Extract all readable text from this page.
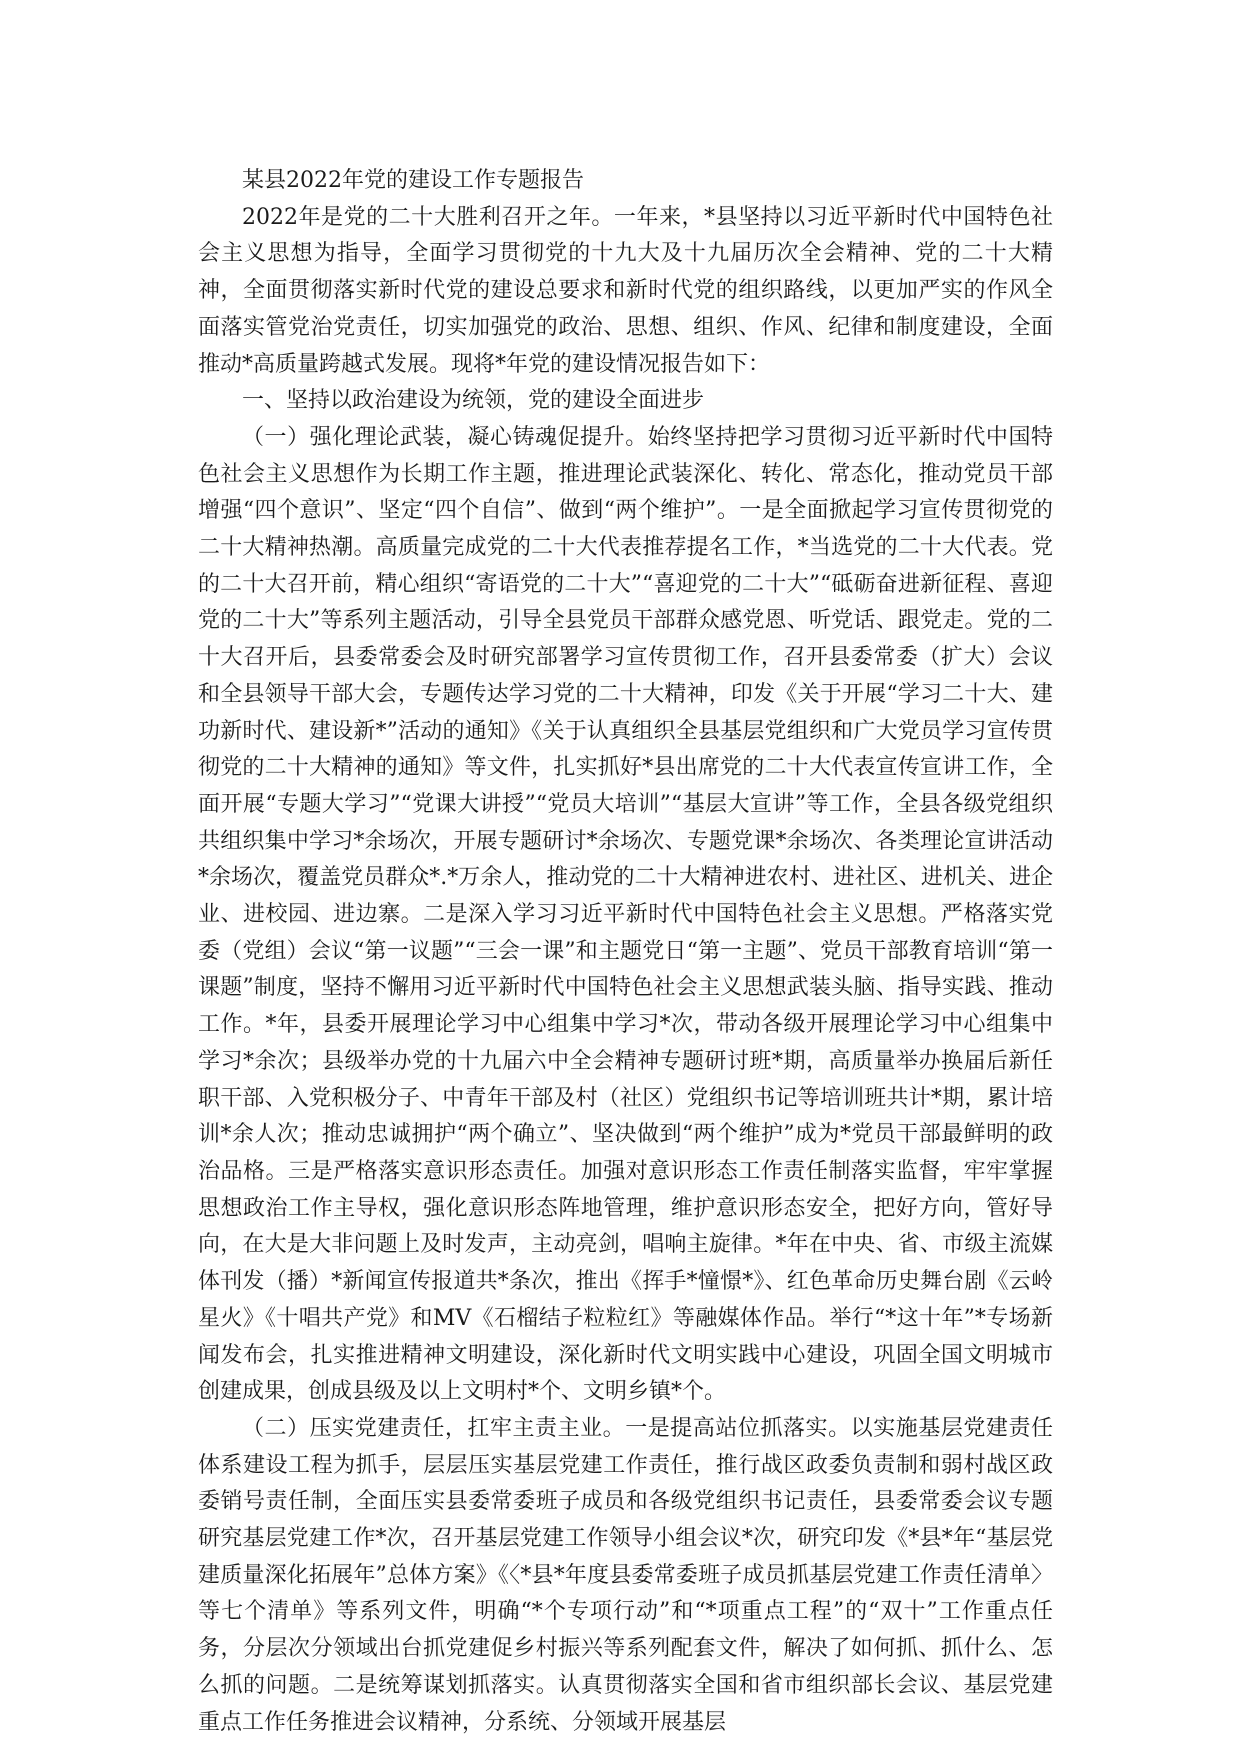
某县2022年党的建设工作专题报告

2022年是党的二十大胜利召开之年。一年来，*县坚持以习近平新时代中国特色社会主义思想为指导，全面学习贯彻党的十九大及十九届历次全会精神、党的二十大精神，全面贯彻落实新时代党的建设总要求和新时代党的组织路线，以更加严实的作风全面落实管党治党责任，切实加强党的政治、思想、组织、作风、纪律和制度建设，全面推动*高质量跨越式发展。现将*年党的建设情况报告如下：

一、坚持以政治建设为统领，党的建设全面进步

（一）强化理论武装，凝心铸魂促提升。始终坚持把学习贯彻习近平新时代中国特色社会主义思想作为长期工作主题，推进理论武装深化、转化、常态化，推动党员干部增强“四个意识”、坚定“四个自信”、做到“两个维护”。一是全面掀起学习宣传贯彻党的二十大精神热潮。高质量完成党的二十大代表推荐提名工作，*当选党的二十大代表。党的二十大召开前，精心组织“寄语党的二十大”“喜迎党的二十大”“砥砺奋进新征程、喜迎党的二十大”等系列主题活动，引导全县党员干部群众感党恩、听党话、跟党走。党的二十大召开后，县委常委会及时研究部署学习宣传贯彻工作，召开县委常委（扩大）会议和全县领导干部大会，专题传达学习党的二十大精神，印发《关于开展“学习二十大、建功新时代、建设新*”活动的通知》《关于认真组织全县基层党组织和广大党员学习宣传贯彻党的二十大精神的通知》等文件，扎实抓好*县出席党的二十大代表宣传宣讲工作，全面开展“专题大学习”“党课大讲授”“党员大培训”“基层大宣讲”等工作，全县各级党组织共组织集中学习*余场次，开展专题研讨*余场次、专题党课*余场次、各类理论宣讲活动*余场次，覆盖党员群众*.*万余人，推动党的二十大精神进农村、进社区、进机关、进企业、进校园、进边寨。二是深入学习习近平新时代中国特色社会主义思想。严格落实党委（党组）会议“第一议题”“三会一课”和主题党日“第一主题”、党员干部教育培训“第一课题”制度，坚持不懈用习近平新时代中国特色社会主义思想武装头脑、指导实践、推动工作。*年，县委开展理论学习中心组集中学习*次，带动各级开展理论学习中心组集中学习*余次；县级举办党的十九届六中全会精神专题研讨班*期，高质量举办换届后新任职干部、入党积极分子、中青年干部及村（社区）党组织书记等培训班共计*期，累计培训*余人次；推动忠诚拥护“两个确立”、坚决做到“两个维护”成为*党员干部最鲜明的政治品格。三是严格落实意识形态责任。加强对意识形态工作责任制落实监督，牢牢掌握思想政治工作主导权，强化意识形态阵地管理，维护意识形态安全，把好方向，管好导向，在大是大非问题上及时发声，主动亮剑，唱响主旋律。*年在中央、省、市级主流媒体刊发（播）*新闻宣传报道共*条次，推出《挥手*憧憬*》、红色革命历史舞台剧《云岭星火》《十唱共产党》和MV《石榴结子粒粒红》等融媒体作品。举行“*这十年”*专场新闻发布会，扎实推进精神文明建设，深化新时代文明实践中心建设，巩固全国文明城市创建成果，创成县级及以上文明村*个、文明乡镇*个。

（二）压实党建责任，扛牢主责主业。一是提高站位抓落实。以实施基层党建责任体系建设工程为抓手，层层压实基层党建工作责任，推行战区政委负责制和弱村战区政委销号责任制，全面压实县委常委班子成员和各级党组织书记责任，县委常委会议专题研究基层党建工作*次，召开基层党建工作领导小组会议*次，研究印发《*县*年“基层党建质量深化拓展年”总体方案》《〈*县*年度县委常委班子成员抓基层党建工作责任清单〉等七个清单》等系列文件，明确“*个专项行动”和“*项重点工程”的“双十”工作重点任务，分层次分领域出台抓党建促乡村振兴等系列配套文件，解决了如何抓、抓什么、怎么抓的问题。二是统筹谋划抓落实。认真贯彻落实全国和省市组织部长会议、基层党建重点工作任务推进会议精神，分系统、分领域开展基层
